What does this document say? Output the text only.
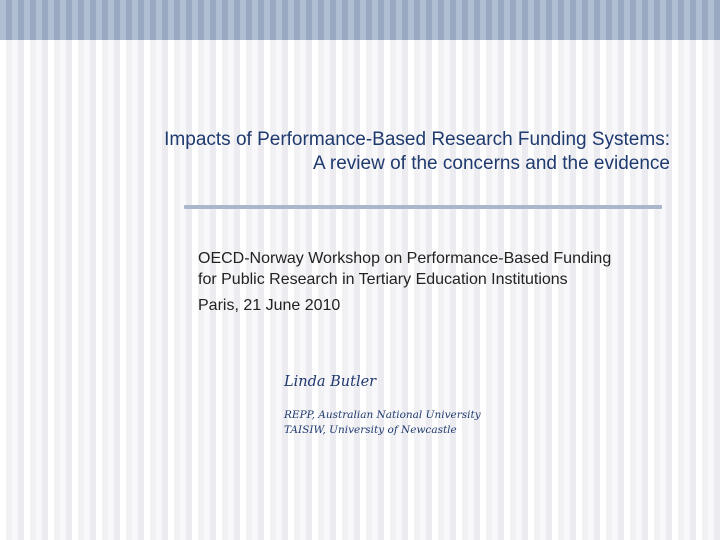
Impacts of Performance-Based Research Funding Systems:
A review of the concerns and the evidence
OECD-Norway Workshop on Performance-Based Funding
for Public Research in Tertiary Education Institutions
Paris, 21 June 2010

Linda Butler

REPP, Australian National University
TAISIW, University of Newcastle
